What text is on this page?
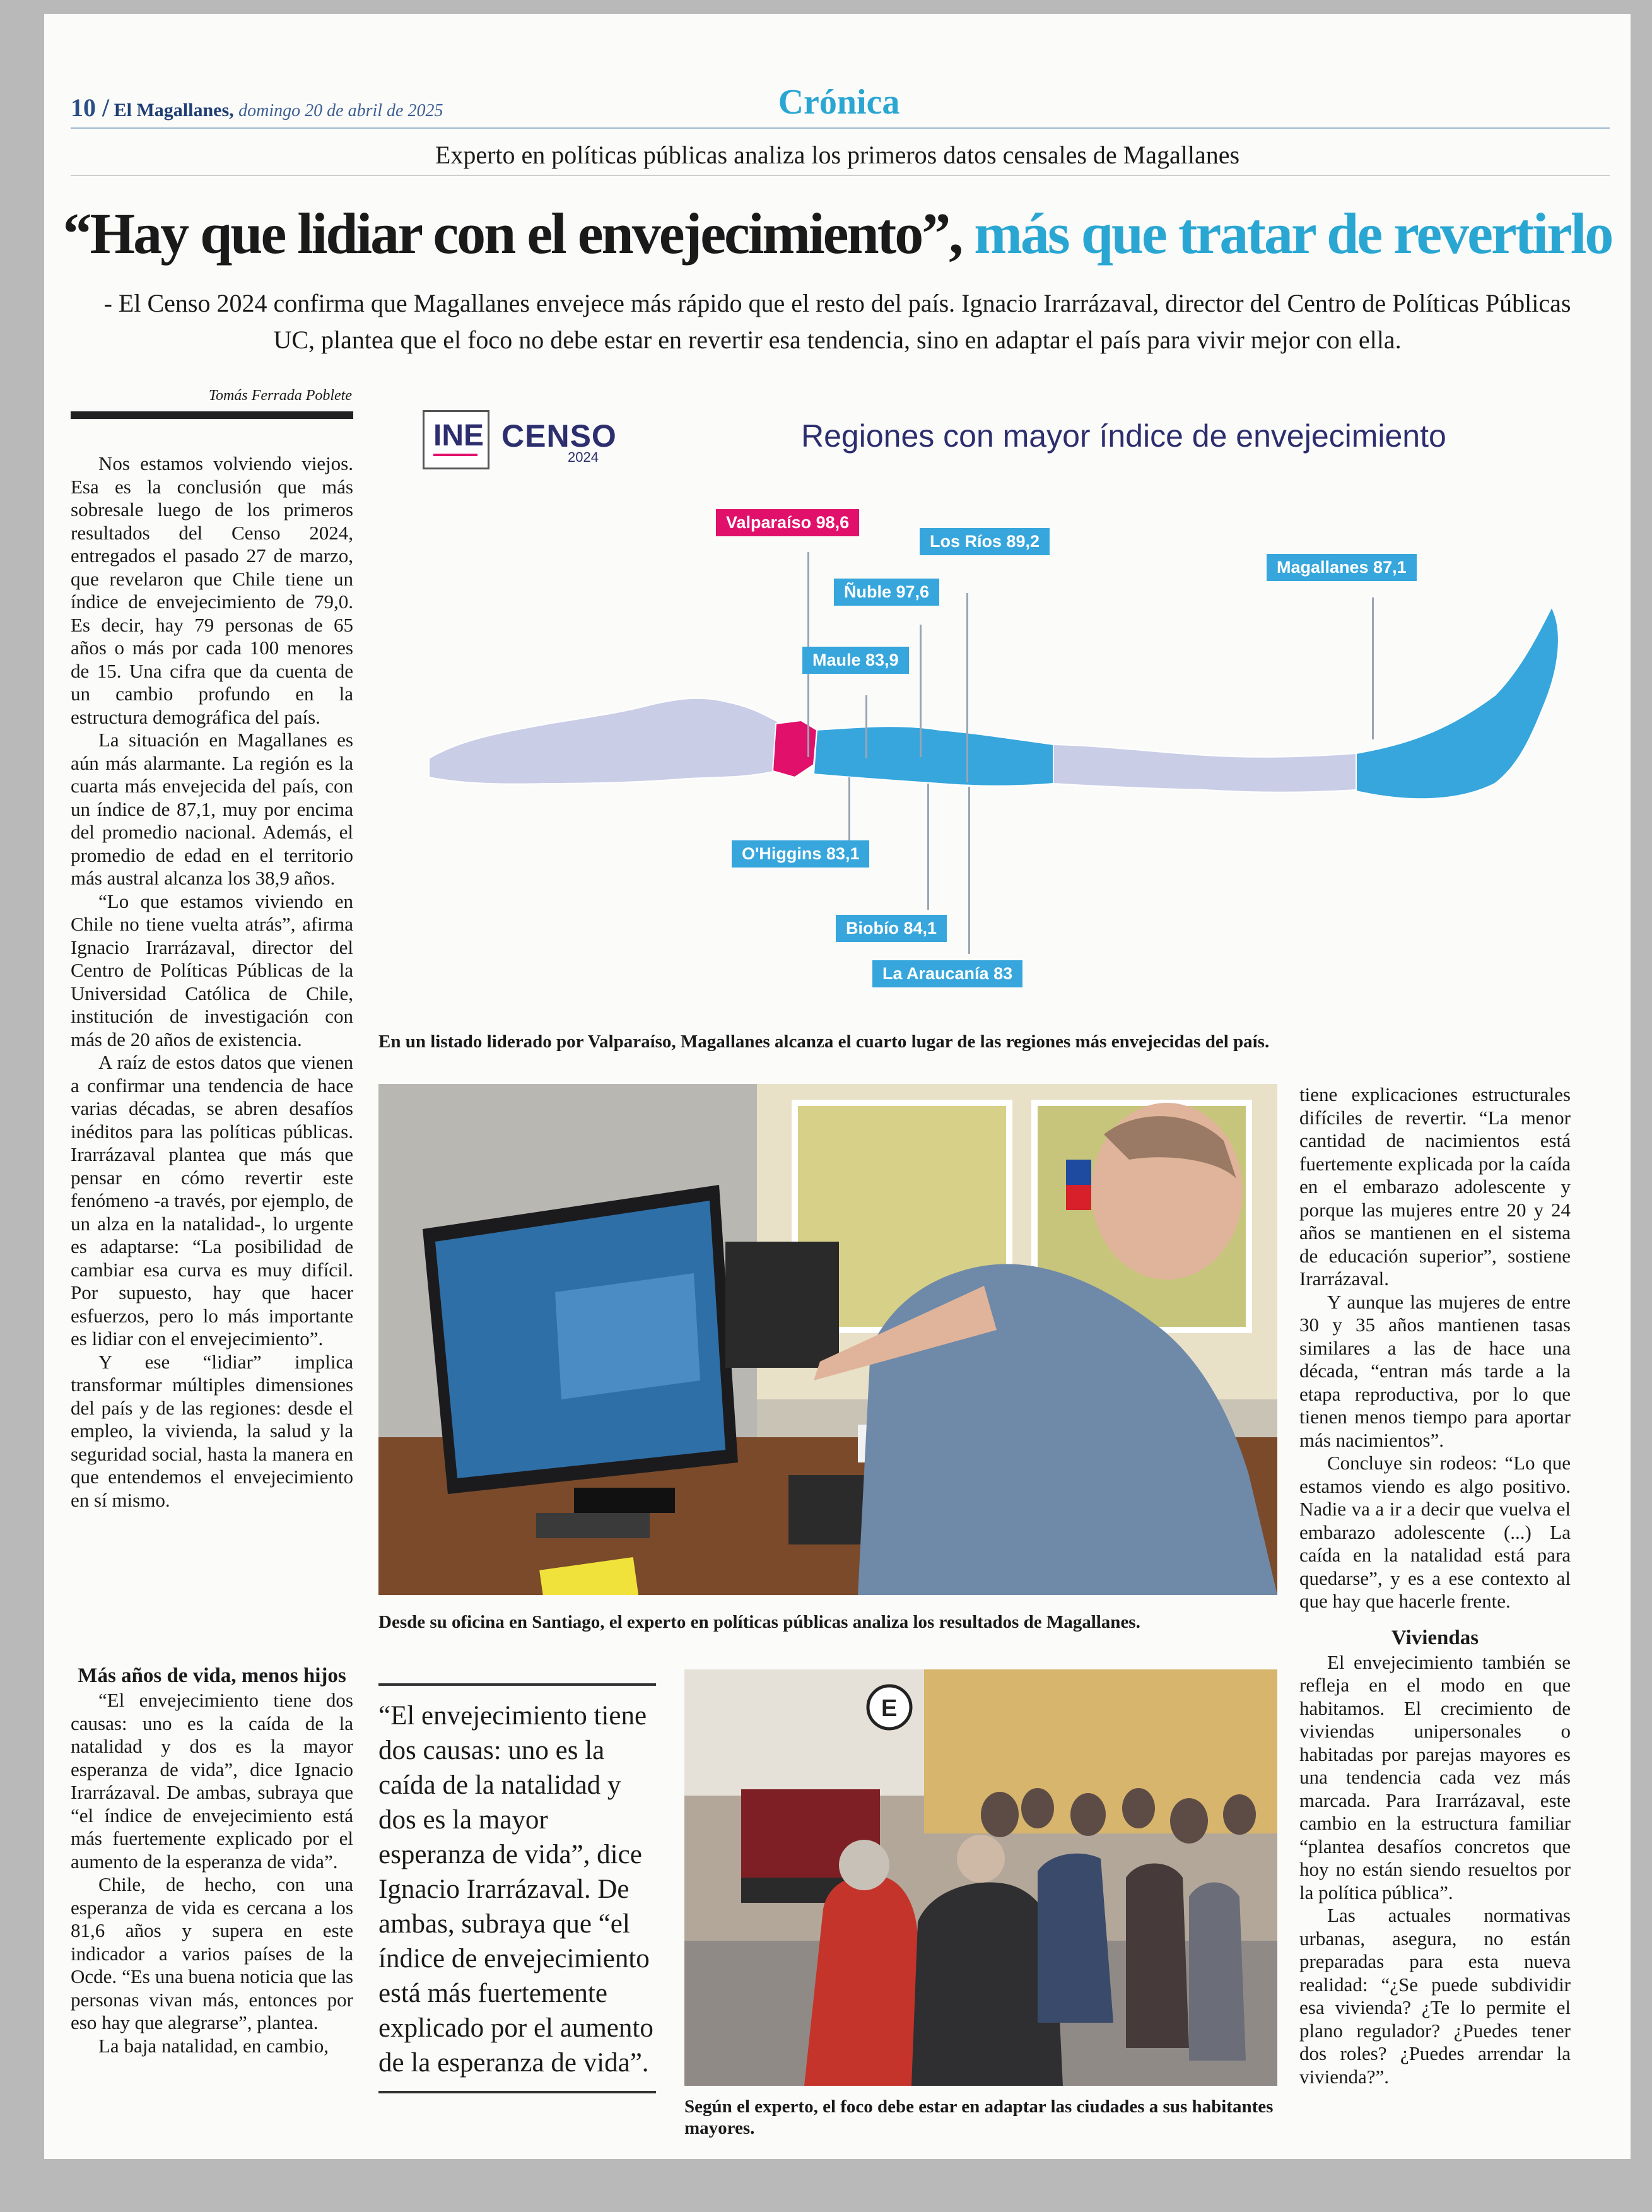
10 / El Magallanes, domingo 20 de abril de 2025	Crónica
Experto en políticas públicas analiza los primeros datos censales de Magallanes
“Hay que lidiar con el envejecimiento”, más que tratar de revertirlo
- El Censo 2024 confirma que Magallanes envejece más rápido que el resto del país. Ignacio Irarrázaval, director del Centro de Políticas Públicas UC, plantea que el foco no debe estar en revertir esa tendencia, sino en adaptar el país para vivir mejor con ella.
Tomás Ferrada Poblete

Nos estamos volviendo viejos. Esa es la conclusión que más sobresale luego de los primeros resultados del Censo 2024, entregados el pasado 27 de marzo, que revelaron que Chile tiene un índice de envejecimiento de 79,0. Es decir, hay 79 personas de 65 años o más por cada 100 menores de 15. Una cifra que da cuenta de un cambio profundo en la estructura demográfica del país.

La situación en Magallanes es aún más alarmante. La región es la cuarta más envejecida del país, con un índice de 87,1, muy por encima del promedio nacional. Además, el promedio de edad en el territorio más austral alcanza los 38,9 años.

“Lo que estamos viviendo en Chile no tiene vuelta atrás”, afirma Ignacio Irarrázaval, director del Centro de Políticas Públicas de la Universidad Católica de Chile, institución de investigación con más de 20 años de existencia.

A raíz de estos datos que vienen a confirmar una tendencia de hace varias décadas, se abren desafíos inéditos para las políticas públicas. Irarrázaval plantea que más que pensar en cómo revertir este fenómeno -a través, por ejemplo, de un alza en la natalidad-, lo urgente es adaptarse: “La posibilidad de cambiar esa curva es muy difícil. Por supuesto, hay que hacer esfuerzos, pero lo más importante es lidiar con el envejecimiento”.

Y ese “lidiar” implica transformar múltiples dimensiones del país y de las regiones: desde el empleo, la vivienda, la salud y la seguridad social, hasta la manera en que entendemos el envejecimiento en sí mismo.

Más años de vida, menos hijos

“El envejecimiento tiene dos causas: uno es la caída de la natalidad y dos es la mayor esperanza de vida”, dice Ignacio Irarrázaval. De ambas, subraya que “el índice de envejecimiento está más fuertemente explicado por el aumento de la esperanza de vida”.

Chile, de hecho, con una esperanza de vida es cercana a los 81,6 años y supera en este indicador a varios países de la Ocde. “Es una buena noticia que las personas vivan más, entonces por eso hay que alegrarse”, plantea.

La baja natalidad, en cambio,

INE CENSO
2024
Regiones con mayor índice de envejecimiento
Valparaíso 98,6
Los Ríos 89,2
Ñuble 97,6
Maule 83,9
Magallanes 87,1
O'Higgins 83,1
Biobío 84,1
La Araucanía 83
En un listado liderado por Valparaíso, Magallanes alcanza el cuarto lugar de las regiones más envejecidas del país.
Desde su oficina en Santiago, el experto en políticas públicas analiza los resultados de Magallanes.

tiene explicaciones estructurales difíciles de revertir. “La menor cantidad de nacimientos está fuertemente explicada por la caída en el embarazo adolescente y porque las mujeres entre 20 y 24 años se mantienen en el sistema de educación superior”, sostiene Irarrázaval.

Y aunque las mujeres de entre 30 y 35 años mantienen tasas similares a las de hace una década, “entran más tarde a la etapa reproductiva, por lo que tienen menos tiempo para aportar más nacimientos”.

Concluye sin rodeos: “Lo que estamos viendo es algo positivo. Nadie va a ir a decir que vuelva el embarazo adolescente (...) La caída en la natalidad está para quedarse”, y es a ese contexto al que hay que hacerle frente.

Viviendas

El envejecimiento también se refleja en el modo en que habitamos. El crecimiento de viviendas unipersonales o habitadas por parejas mayores es una tendencia cada vez más marcada. Para Irarrázaval, este cambio en la estructura familiar “plantea desafíos concretos que hoy no están siendo resueltos por la política pública”.

Las actuales normativas urbanas, asegura, no están preparadas para esta nueva realidad: “¿Se puede subdividir esa vivienda? ¿Te lo permite el plano regulador? ¿Puedes tener dos roles? ¿Puedes arrendar la vivienda?”.

“El envejecimiento tiene dos causas: uno es la caída de la natalidad y dos es la mayor esperanza de vida”, dice Ignacio Irarrázaval. De ambas, subraya que “el índice de envejecimiento está más fuertemente explicado por el aumento de la esperanza de vida”.
E
Según el experto, el foco debe estar en adaptar las ciudades a sus habitantes mayores.
